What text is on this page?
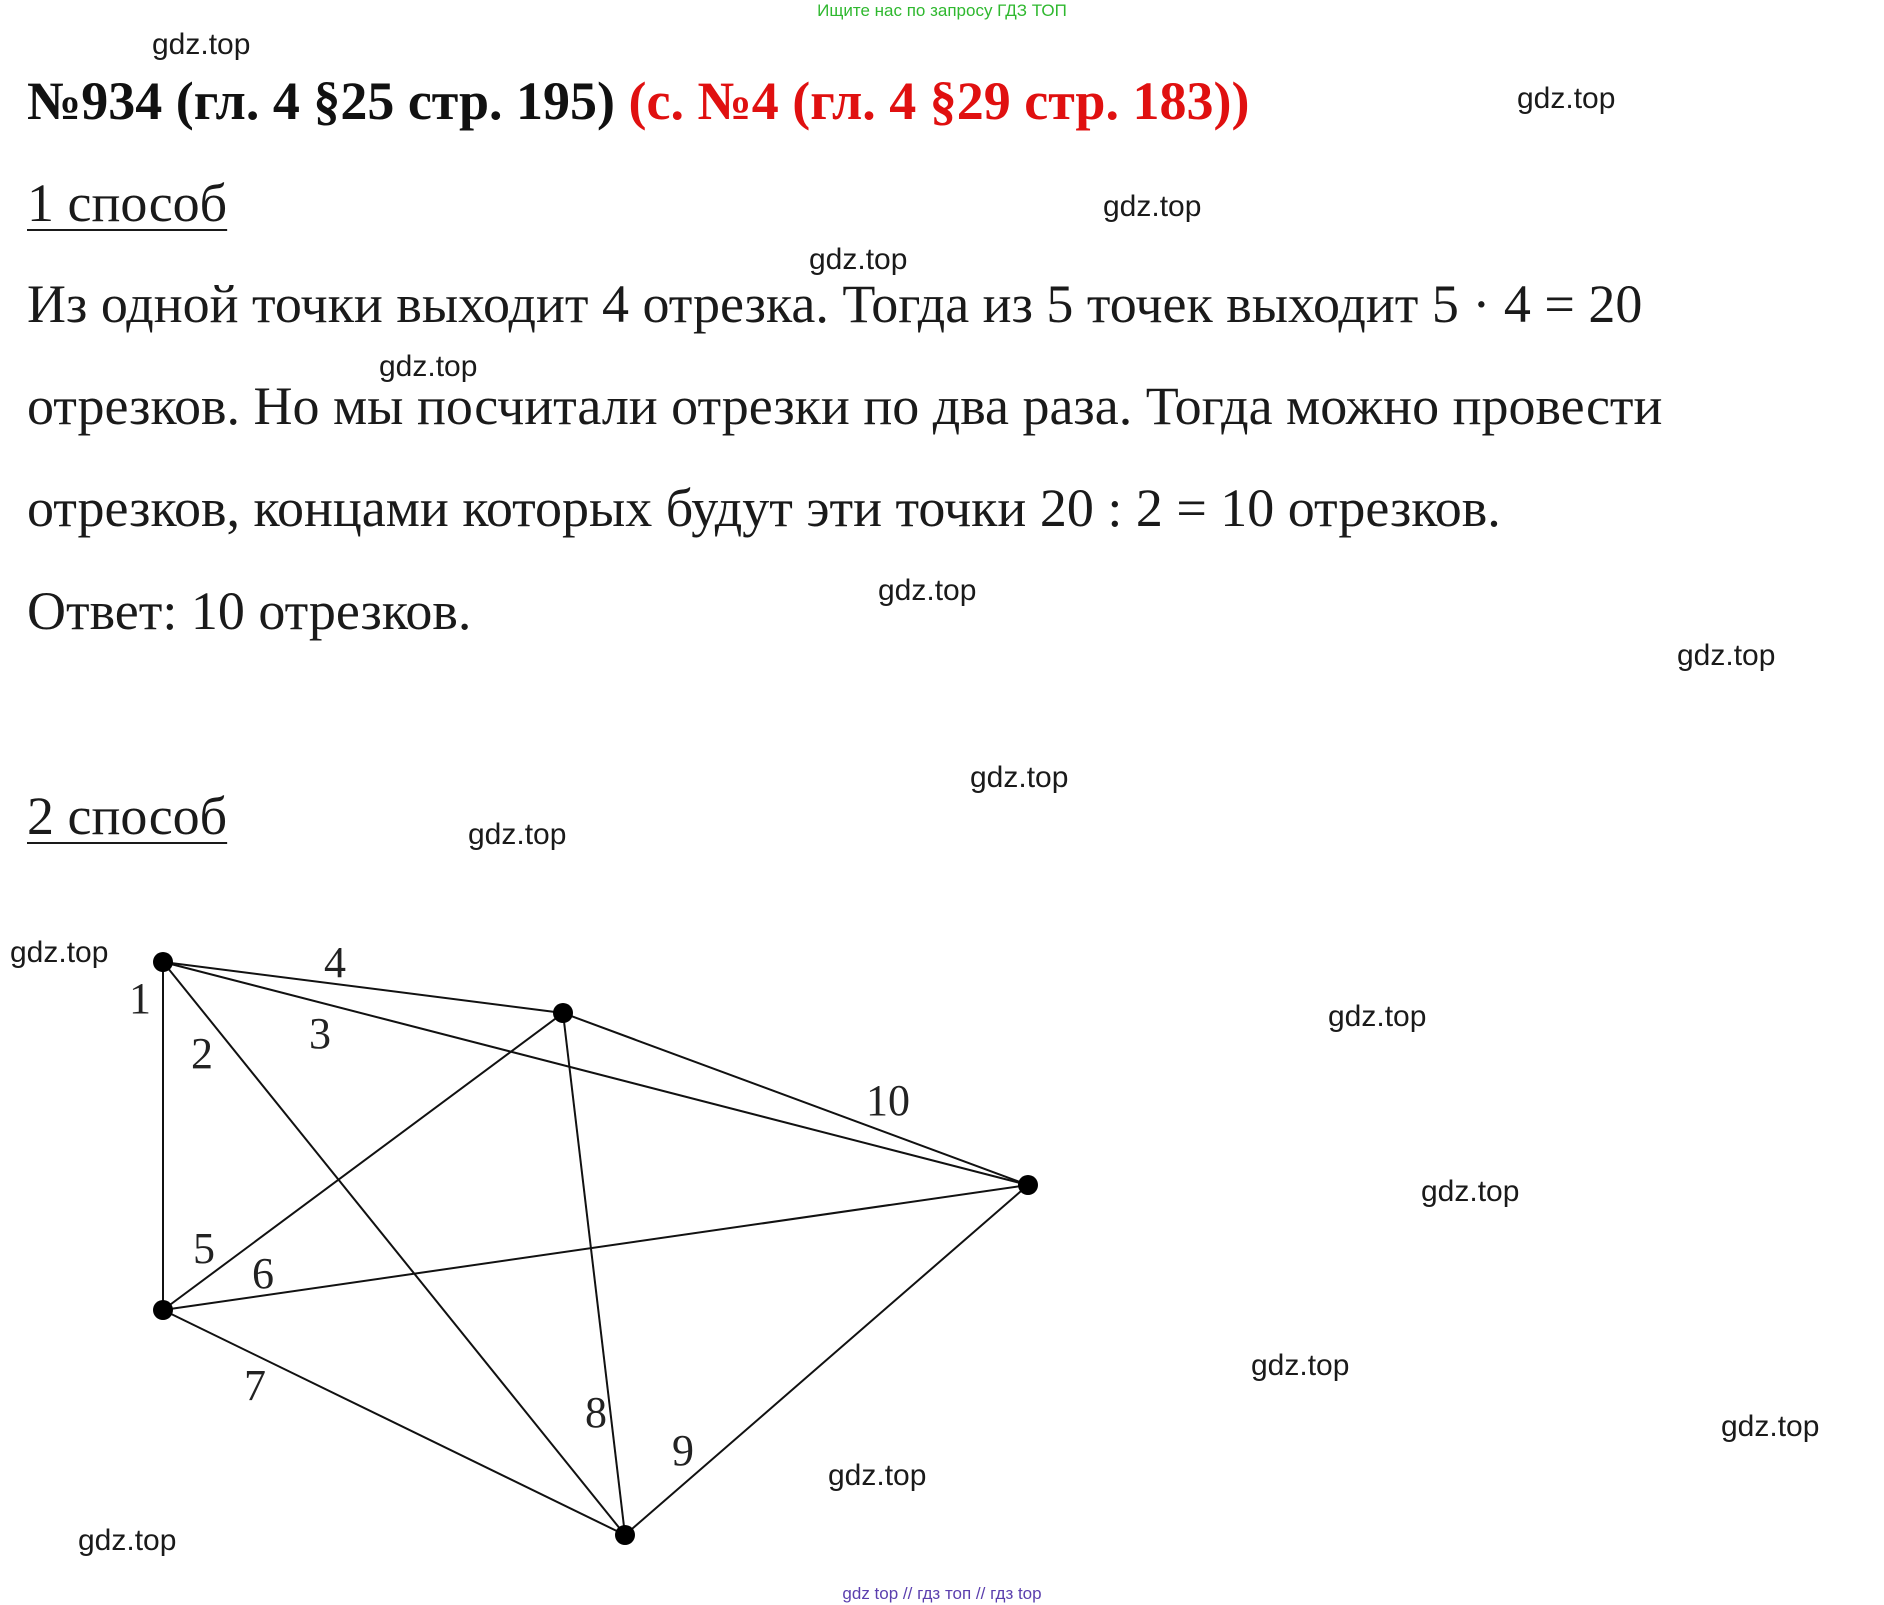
Ищите нас по запросу ГДЗ ТОП
№934 (гл. 4 §25 стр. 195) (с. №4 (гл. 4 §29 стр. 183))
1 способ
Из одной точки выходит 4 отрезка. Тогда из 5 точек выходит 5 · 4 = 20
отрезков. Но мы посчитали отрезки по два раза. Тогда можно провести
отрезков, концами которых будут эти точки 20 : 2 = 10 отрезков.
Ответ: 10 отрезков.
2 способ
1
2 3
4
5
6
7
8
9
10
gdz.top
gdz.top
gdz.top
gdz.top
gdz.top
gdz.top
gdz.top
gdz.top
gdz.top
gdz.top
gdz.top
gdz.top
gdz.top
gdz.top
gdz.top
gdz.top
gdz top // гдз топ // гдз top
